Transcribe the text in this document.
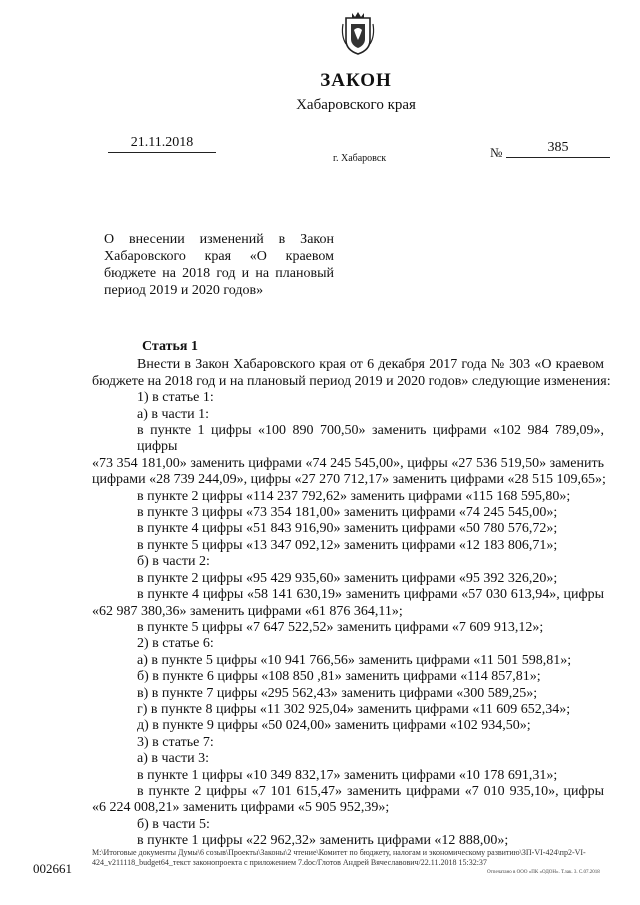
ЗАКОН
Хабаровского края
21.11.2018
г. Хабаровск	№	385
О внесении изменений в Закон Хабаровского края «О краевом бюджете на 2018 год и на плановый период 2019 и 2020 годов»
Статья 1
Внести в Закон Хабаровского края от 6 декабря 2017 года № 303 «О краевом
бюджете на 2018 год и на плановый период 2019 и 2020 годов» следующие изменения:
1) в статье 1:
а) в части 1:
в пункте 1 цифры «100 890 700,50» заменить цифрами «102 984 789,09», цифры
«73 354 181,00» заменить цифрами «74 245 545,00», цифры «27 536 519,50» заменить
цифрами «28 739 244,09», цифры «27 270 712,17» заменить цифрами «28 515 109,65»;
в пункте 2 цифры «114 237 792,62» заменить цифрами «115 168 595,80»;
в пункте 3 цифры «73 354 181,00» заменить цифрами «74 245 545,00»;
в пункте 4 цифры «51 843 916,90» заменить цифрами «50 780 576,72»;
в пункте 5 цифры «13 347 092,12» заменить цифрами «12 183 806,71»;
б) в части 2:
в пункте 2 цифры «95 429 935,60» заменить цифрами «95 392 326,20»;
в пункте 4 цифры «58 141 630,19» заменить цифрами «57 030 613,94», цифры
«62 987 380,36» заменить цифрами «61 876 364,11»;
в пункте 5 цифры «7 647 522,52» заменить цифрами «7 609 913,12»;
2) в статье 6:
а) в пункте 5 цифры «10 941 766,56» заменить цифрами «11 501 598,81»;
б) в пункте 6 цифры «108 850 ,81» заменить цифрами «114 857,81»;
в) в пункте 7 цифры «295 562,43» заменить цифрами «300 589,25»;
г) в пункте 8 цифры «11 302 925,04» заменить цифрами «11 609 652,34»;
д) в пункте 9 цифры «50 024,00» заменить цифрами «102 934,50»;
3) в статье 7:
а) в части 3:
в пункте 1 цифры «10 349 832,17» заменить цифрами «10 178 691,31»;
в пункте 2 цифры «7 101 615,47» заменить цифрами «7 010 935,10», цифры
«6 224 008,21» заменить цифрами «5 905 952,39»;
б) в части 5:
в пункте 1 цифры «22 962,32» заменить цифрами «12 888,00»;
М:\Итоговые документы Думы\6 созыв\Проекты\Законы\2 чтение\Комитет по бюджету, налогам и экономическому развитию\ЗП-VI-424\пр2-VI-424_v211118_budget64_текст законопроекта с приложением 7.doc/Глотов Андрей Вячеславович/22.11.2018 15:32:37
002661	Отпечатано в ООО «ПК «ОДОН». Т.зак. 3. С.07.2018
